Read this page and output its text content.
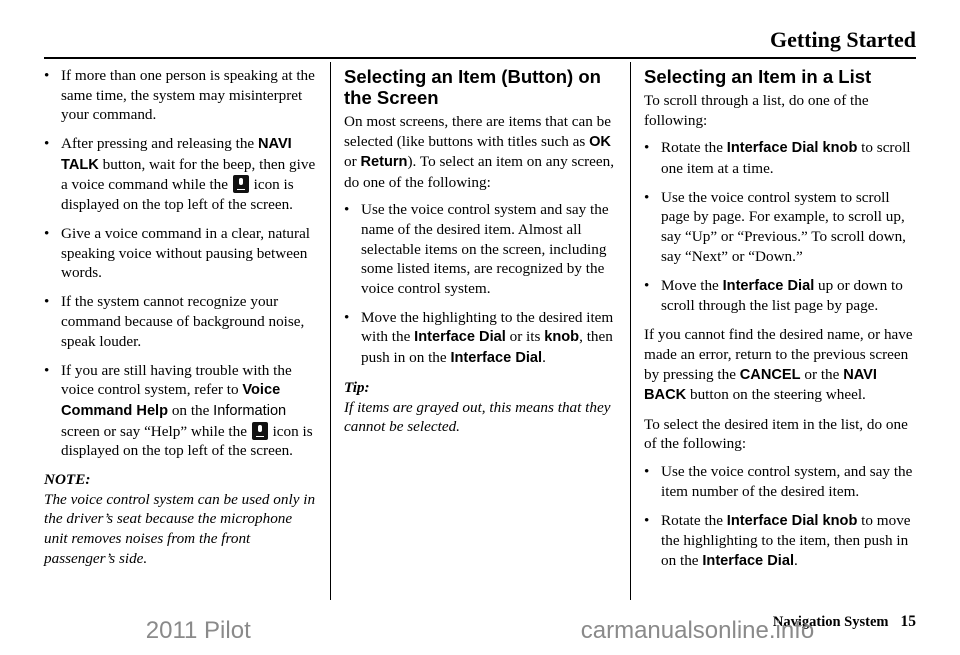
Getting Started
• If more than one person is speaking at the same time, the system may misinterpret your command.
• After pressing and releasing the NAVI TALK button, wait for the beep, then give a voice command while the icon is displayed on the top left of the screen.
• Give a voice command in a clear, natural speaking voice without pausing between words.
• If the system cannot recognize your command because of background noise, speak louder.
• If you are still having trouble with the voice control system, refer to Voice Command Help on the Information screen or say “Help” while the icon is displayed on the top left of the screen.
NOTE:
The voice control system can be used only in the driver’s seat because the microphone unit removes noises from the front passenger’s side.
Selecting an Item (Button) on the Screen
On most screens, there are items that can be selected (like buttons with titles such as OK or Return). To select an item on any screen, do one of the following:
• Use the voice control system and say the name of the desired item. Almost all selectable items on the screen, including some listed items, are recognized by the voice control system.
• Move the highlighting to the desired item with the Interface Dial or its knob, then push in on the Interface Dial.
Tip:
If items are grayed out, this means that they cannot be selected.
Selecting an Item in a List
To scroll through a list, do one of the following:
• Rotate the Interface Dial knob to scroll one item at a time.
• Use the voice control system to scroll page by page. For example, to scroll up, say “Up” or “Previous.” To scroll down, say “Next” or “Down.”
• Move the Interface Dial up or down to scroll through the list page by page.
If you cannot find the desired name, or have made an error, return to the previous screen by pressing the CANCEL or the NAVI BACK button on the steering wheel.
To select the desired item in the list, do one of the following:
• Use the voice control system, and say the item number of the desired item.
• Rotate the Interface Dial knob to move the highlighting to the item, then push in on the Interface Dial.
Navigation System 15
2011 Pilot	carmanualsonline.info
